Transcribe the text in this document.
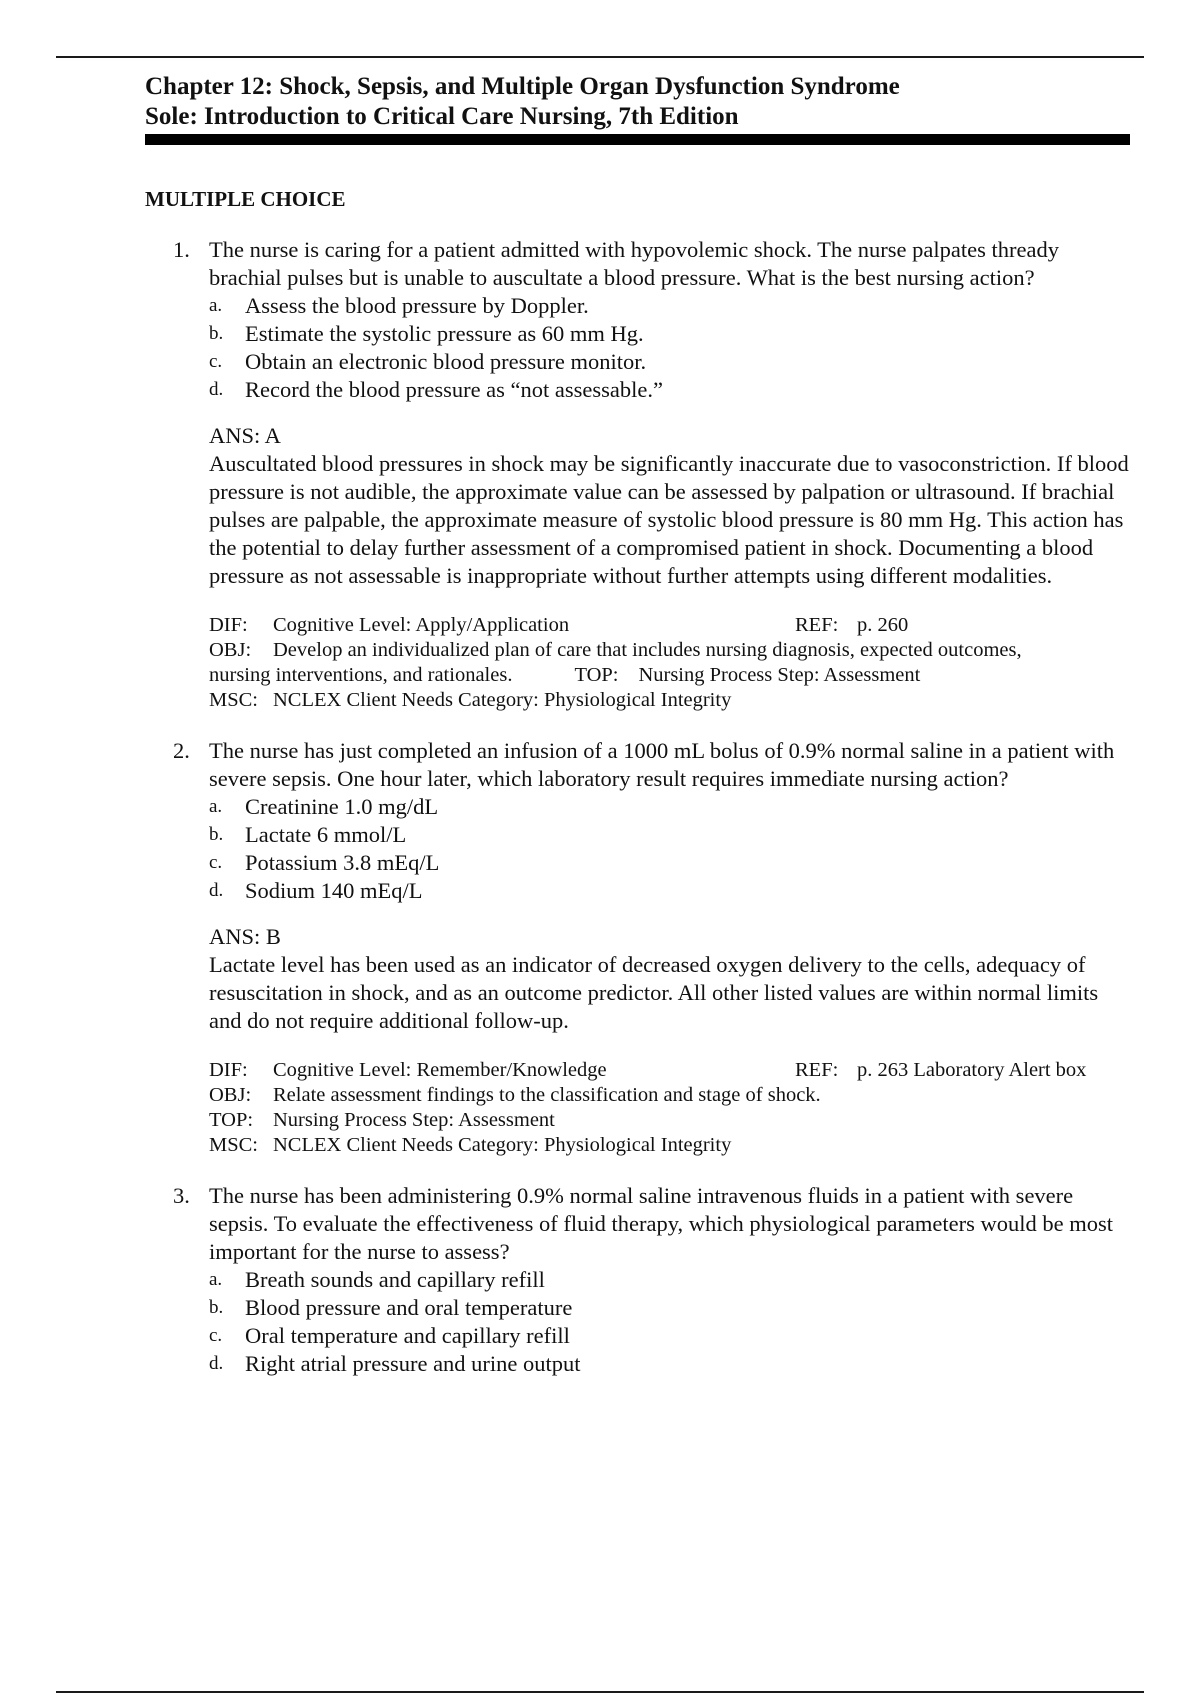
Chapter 12: Shock, Sepsis, and Multiple Organ Dysfunction Syndrome
Sole: Introduction to Critical Care Nursing, 7th Edition
MULTIPLE CHOICE
1. The nurse is caring for a patient admitted with hypovolemic shock. The nurse palpates thready brachial pulses but is unable to auscultate a blood pressure. What is the best nursing action?

a. Assess the blood pressure by Doppler.
b. Estimate the systolic pressure as 60 mm Hg.
c. Obtain an electronic blood pressure monitor.
d. Record the blood pressure as “not assessable.”

ANS: A

Auscultated blood pressures in shock may be significantly inaccurate due to vasoconstriction. If blood pressure is not audible, the approximate value can be assessed by palpation or ultrasound. If brachial pulses are palpable, the approximate measure of systolic blood pressure is 80 mm Hg. This action has the potential to delay further assessment of a compromised patient in shock. Documenting a blood pressure as not assessable is inappropriate without further attempts using different modalities.

DIF: Cognitive Level: Apply/Application	REF: p. 260
OBJ: Develop an individualized plan of care that includes nursing diagnosis, expected outcomes,
nursing interventions, and rationales.	TOP: Nursing Process Step: Assessment
MSC: NCLEX Client Needs Category: Physiological Integrity
2. The nurse has just completed an infusion of a 1000 mL bolus of 0.9% normal saline in a patient with severe sepsis. One hour later, which laboratory result requires immediate nursing action?

a. Creatinine 1.0 mg/dL
b. Lactate 6 mmol/L
c. Potassium 3.8 mEq/L
d. Sodium 140 mEq/L

ANS: B

Lactate level has been used as an indicator of decreased oxygen delivery to the cells, adequacy of resuscitation in shock, and as an outcome predictor. All other listed values are within normal limits and do not require additional follow-up.

DIF: Cognitive Level: Remember/Knowledge	REF: p. 263 Laboratory Alert box
OBJ: Relate assessment findings to the classification and stage of shock.
TOP: Nursing Process Step: Assessment
MSC: NCLEX Client Needs Category: Physiological Integrity
3. The nurse has been administering 0.9% normal saline intravenous fluids in a patient with severe sepsis. To evaluate the effectiveness of fluid therapy, which physiological parameters would be most important for the nurse to assess?

a. Breath sounds and capillary refill
b. Blood pressure and oral temperature
c. Oral temperature and capillary refill
d. Right atrial pressure and urine output
